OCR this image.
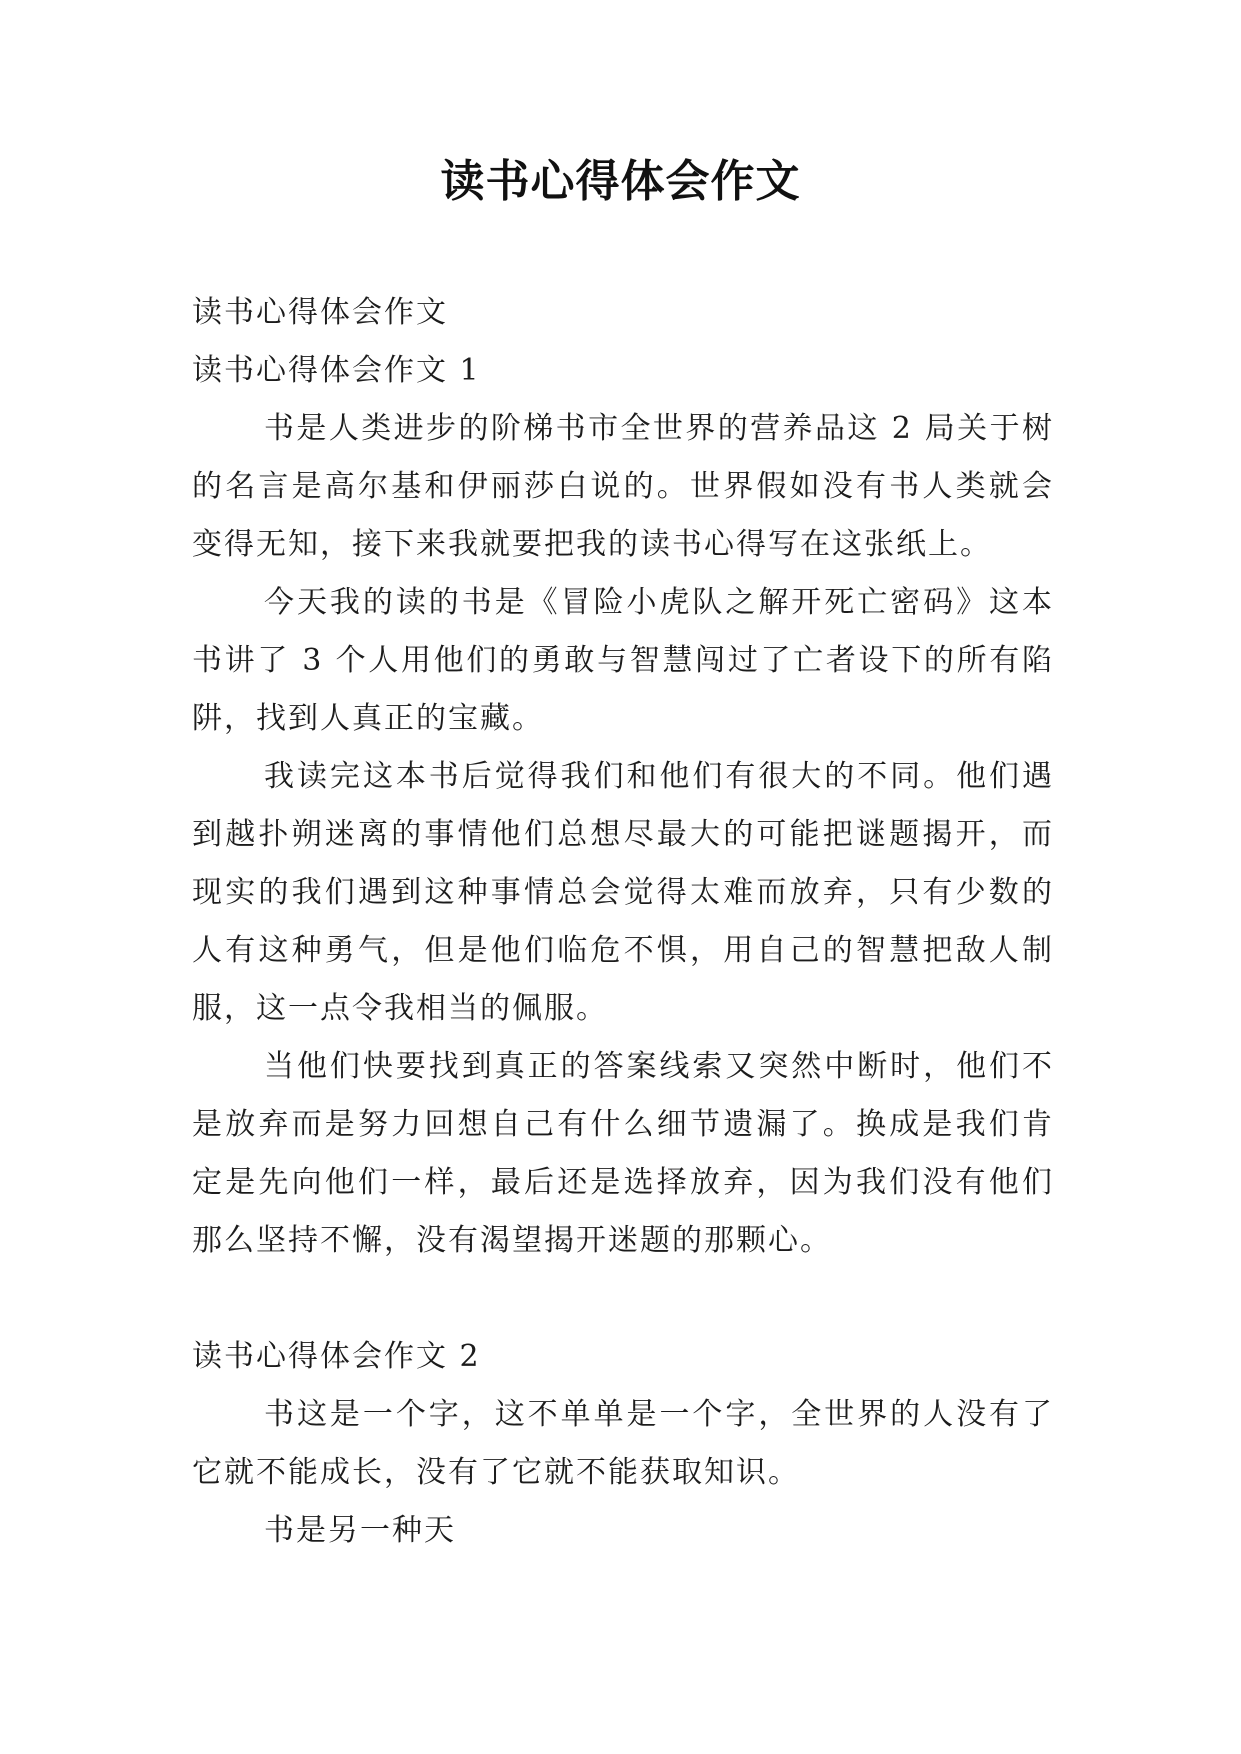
读书心得体会作文
读书心得体会作文
读书心得体会作文 1
书是人类进步的阶梯书市全世界的营养品这 2 局关于树的名言是高尔基和伊丽莎白说的。世界假如没有书人类就会变得无知，接下来我就要把我的读书心得写在这张纸上。
今天我的读的书是《冒险小虎队之解开死亡密码》这本书讲了 3 个人用他们的勇敢与智慧闯过了亡者设下的所有陷阱，找到人真正的宝藏。
我读完这本书后觉得我们和他们有很大的不同。他们遇到越扑朔迷离的事情他们总想尽最大的可能把谜题揭开，而现实的我们遇到这种事情总会觉得太难而放弃，只有少数的人有这种勇气，但是他们临危不惧，用自己的智慧把敌人制服，这一点令我相当的佩服。
当他们快要找到真正的答案线索又突然中断时，他们不是放弃而是努力回想自己有什么细节遗漏了。换成是我们肯定是先向他们一样，最后还是选择放弃，因为我们没有他们那么坚持不懈，没有渴望揭开迷题的那颗心。
读书心得体会作文 2
书这是一个字，这不单单是一个字，全世界的人没有了它就不能成长，没有了它就不能获取知识。
书是另一种天
